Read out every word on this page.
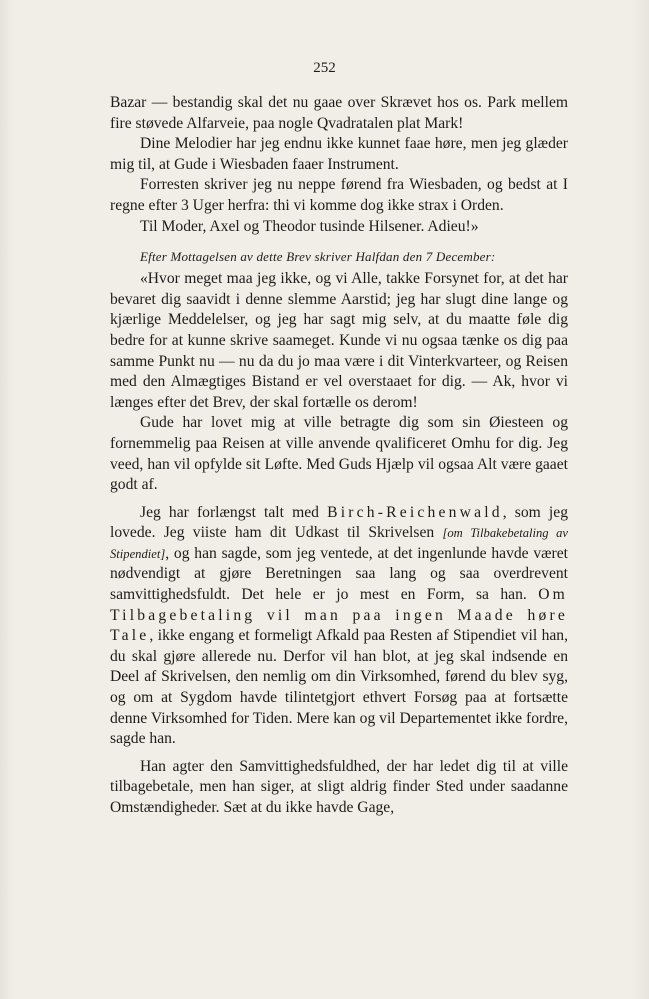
252

Bazar — bestandig skal det nu gaae over Skrævet hos os. Park mellem fire støvede Alfarveie, paa nogle Qvadratalen plat Mark!

Dine Melodier har jeg endnu ikke kunnet faae høre, men jeg glæder mig til, at Gude i Wiesbaden faaer Instrument.

Forresten skriver jeg nu neppe førend fra Wiesbaden, og bedst at I regne efter 3 Uger herfra: thi vi komme dog ikke strax i Orden.

Til Moder, Axel og Theodor tusinde Hilsener. Adieu!»

Efter Mottagelsen av dette Brev skriver Halfdan den 7 December:

«Hvor meget maa jeg ikke, og vi Alle, takke Forsynet for, at det har bevaret dig saavidt i denne slemme Aarstid; jeg har slugt dine lange og kjærlige Meddelelser, og jeg har sagt mig selv, at du maatte føle dig bedre for at kunne skrive saameget. Kunde vi nu ogsaa tænke os dig paa samme Punkt nu — nu da du jo maa være i dit Vinterkvarteer, og Reisen med den Almægtiges Bistand er vel overstaaet for dig. — Ak, hvor vi længes efter det Brev, der skal fortælle os derom!

Gude har lovet mig at ville betragte dig som sin Øiesteen og fornemmelig paa Reisen at ville anvende qvalificeret Omhu for dig. Jeg veed, han vil opfylde sit Løfte. Med Guds Hjælp vil ogsaa Alt være gaaet godt af.

Jeg har forlængst talt med Birch-Reichenwald, som jeg lovede. Jeg viiste ham dit Udkast til Skrivelsen [om Tilbakebetaling av Stipendiet], og han sagde, som jeg ventede, at det ingenlunde havde været nødvendigt at gjøre Beretningen saa lang og saa overdrevent samvittighedsfuldt. Det hele er jo mest en Form, sa han. Om Tilbagebetaling vil man paa ingen Maade høre Tale, ikke engang et formeligt Afkald paa Resten af Stipendiet vil han, du skal gjøre allerede nu. Derfor vil han blot, at jeg skal indsende en Deel af Skrivelsen, den nemlig om din Virksomhed, førend du blev syg, og om at Sygdom havde tilintetgjort ethvert Forsøg paa at fortsætte denne Virksomhed for Tiden. Mere kan og vil Departementet ikke fordre, sagde han.

Han agter den Samvittighedsfuldhed, der har ledet dig til at ville tilbagebetale, men han siger, at sligt aldrig finder Sted under saadanne Omstændigheder. Sæt at du ikke havde Gage,
